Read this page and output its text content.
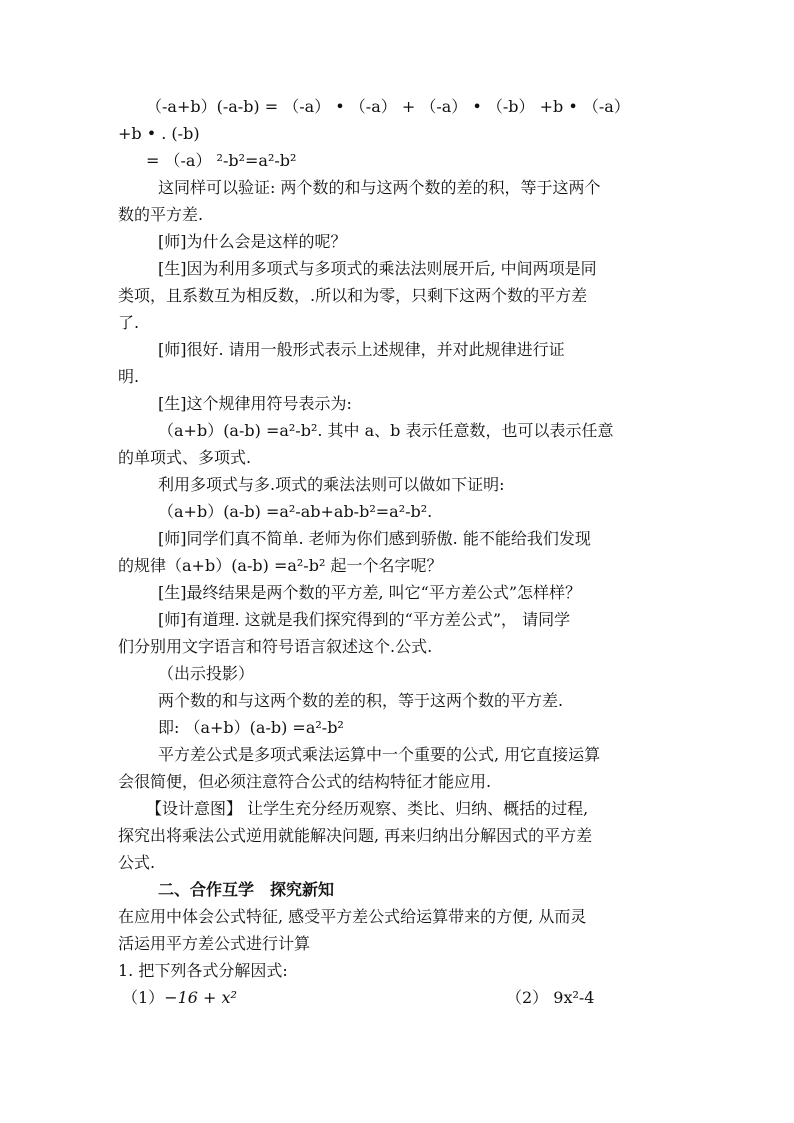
（-a+b）(-a-b) = （-a） • （-a） + （-a） • （-b） +b • （-a）
+b • . (-b)
= （-a） ²-b²=a²-b²
这同样可以验证: 两个数的和与这两个数的差的积，等于这两个
数的平方差.
[师]为什么会是这样的呢？
[生]因为利用多项式与多项式的乘法法则展开后, 中间两项是同
类项，且系数互为相反数，.所以和为零，只剩下这两个数的平方差
了.
[师]很好. 请用一般形式表示上述规律，并对此规律进行证
明.
[生]这个规律用符号表示为:
（a+b）(a-b) =a²-b². 其中 a、b 表示任意数，也可以表示任意
的单项式、多项式.
利用多项式与多.项式的乘法法则可以做如下证明:
（a+b）(a-b) =a²-ab+ab-b²=a²-b².
[师]同学们真不简单. 老师为你们感到骄傲. 能不能给我们发现
的规律（a+b）(a-b) =a²-b² 起一个名字呢？
[生]最终结果是两个数的平方差, 叫它“平方差公式”怎样样？
[师]有道理. 这就是我们探究得到的“平方差公式”， 请同学
们分别用文字语言和符号语言叙述这个.公式.
（出示投影）
两个数的和与这两个数的差的积，等于这两个数的平方差.
即: （a+b）(a-b) =a²-b²
平方差公式是多项式乘法运算中一个重要的公式, 用它直接运算
会很简便，但必须注意符合公式的结构特征才能应用.
【设计意图】 让学生充分经历观察、类比、归纳、概括的过程,
探究出将乘法公式逆用就能解决问题, 再来归纳出分解因式的平方差
公式.
二、合作互学　探究新知
在应用中体会公式特征, 感受平方差公式给运算带来的方便, 从而灵
活运用平方差公式进行计算
1. 把下列各式分解因式:
（1）−16 + x²	（2） 9x²-4
